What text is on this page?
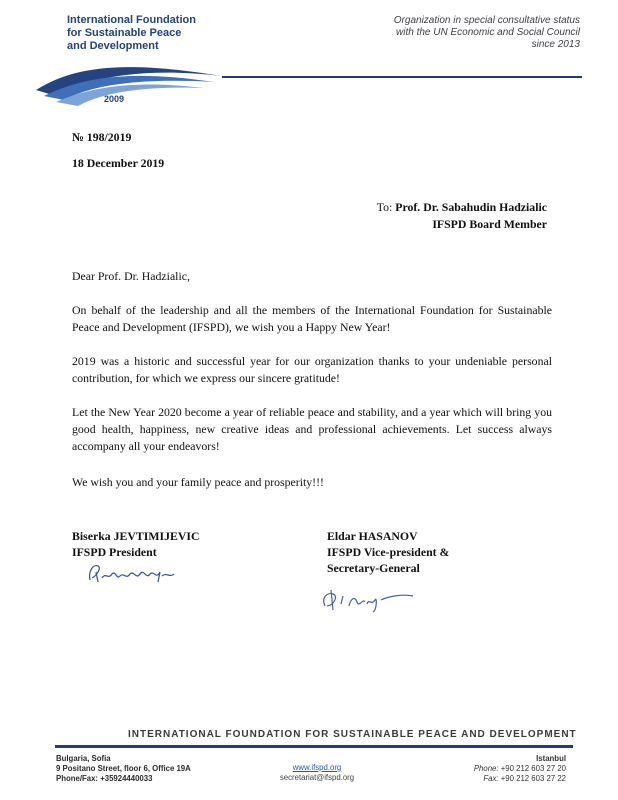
International Foundation
for Sustainable Peace
and Development
2009
Organization in special consultative status
with the UN Economic and Social Council
since 2013
№ 198/2019
18 December 2019
To: Prof. Dr. Sabahudin Hadzialic
IFSPD Board Member
Dear Prof. Dr. Hadzialic,
On behalf of the leadership and all the members of the International Foundation for Sustainable Peace and Development (IFSPD), we wish you a Happy New Year!
2019 was a historic and successful year for our organization thanks to your undeniable personal contribution, for which we express our sincere gratitude!
Let the New Year 2020 become a year of reliable peace and stability, and a year which will bring you good health, happiness, new creative ideas and professional achievements. Let success always accompany all your endeavors!
We wish you and your family peace and prosperity!!!
Biserka JEVTIMIJEVIC
IFSPD President
Eldar HASANOV
IFSPD Vice-president &
Secretary-General
INTERNATIONAL FOUNDATION FOR SUSTAINABLE PEACE AND DEVELOPMENT
Bulgaria, Sofia
9 Positano Street, floor 6, Office 19A
Phone/Fax: +35924440033
www.ifspd.org
secretariat@ifspd.org
Istanbul
Phone: +90 212 603 27 20
Fax: +90 212 603 27 22
